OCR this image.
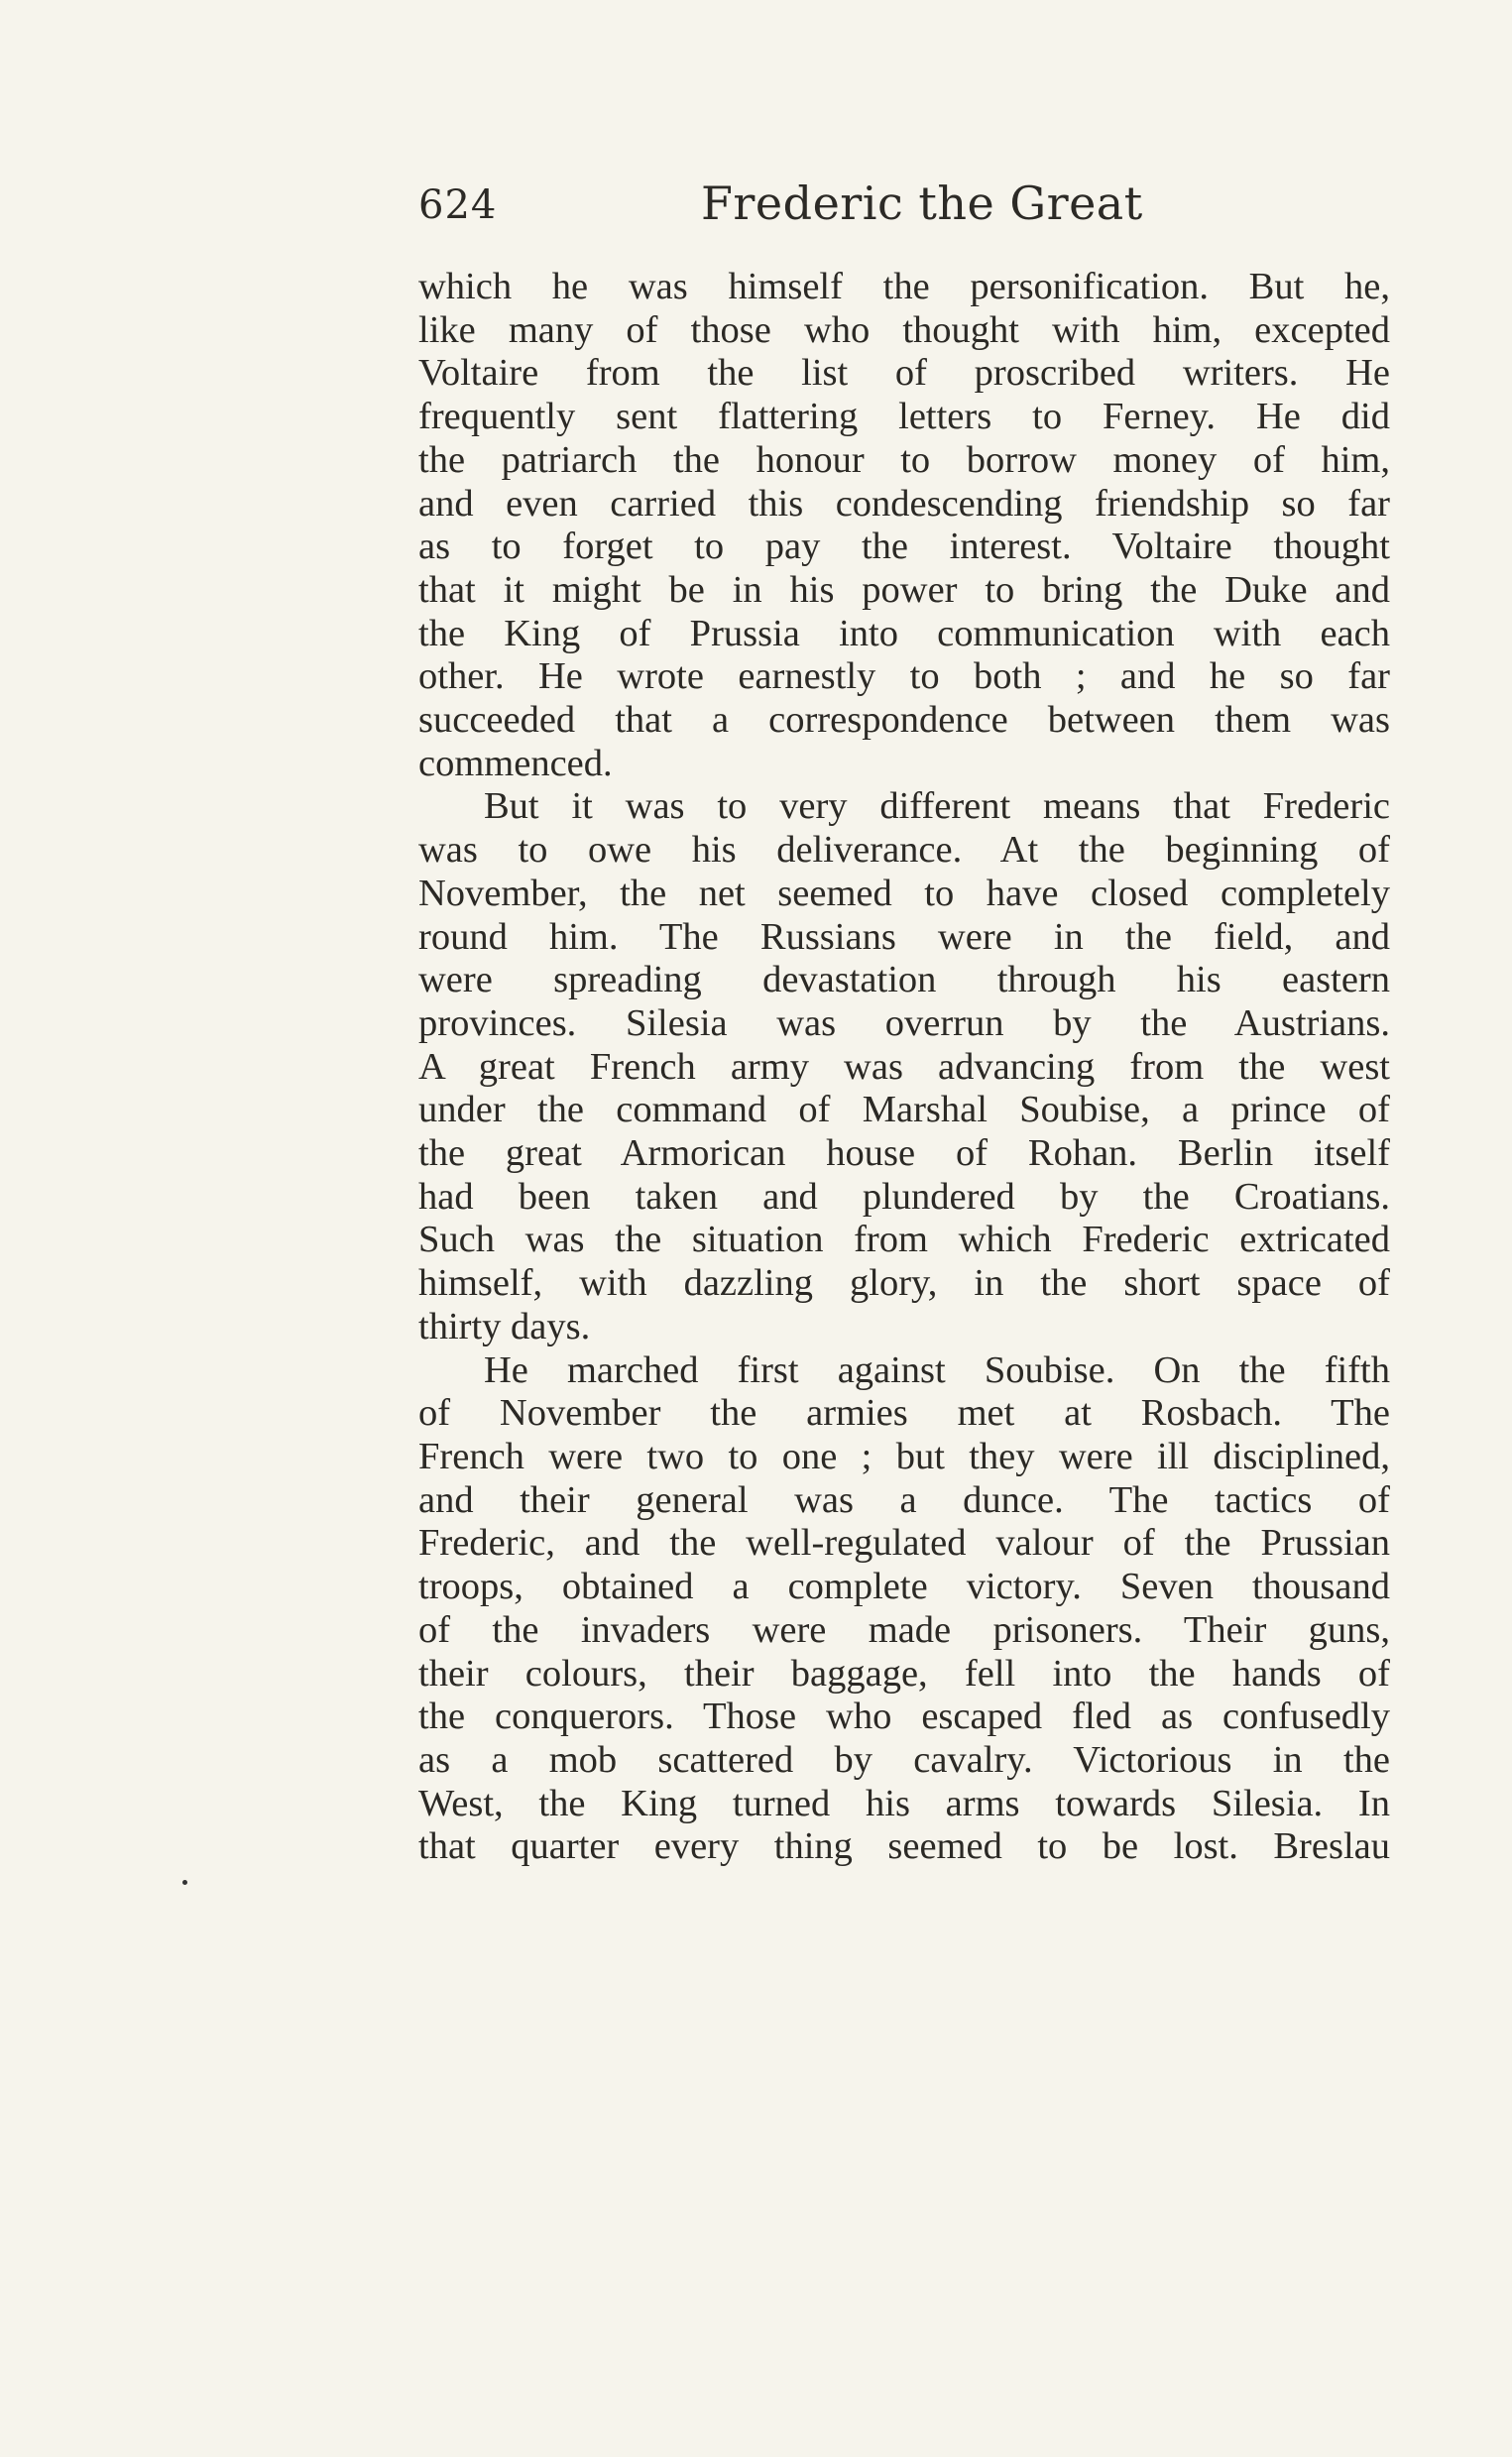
624	Frederic the Great
which he was himself the personification. But he,
like many of those who thought with him, excepted
Voltaire from the list of proscribed writers. He
frequently sent flattering letters to Ferney. He did
the patriarch the honour to borrow money of him,
and even carried this condescending friendship so far
as to forget to pay the interest. Voltaire thought
that it might be in his power to bring the Duke and
the King of Prussia into communication with each
other. He wrote earnestly to both ; and he so far
succeeded that a correspondence between them was
commenced.
But it was to very different means that Frederic
was to owe his deliverance. At the beginning of
November, the net seemed to have closed completely
round him. The Russians were in the field, and
were spreading devastation through his eastern
provinces. Silesia was overrun by the Austrians.
A great French army was advancing from the west
under the command of Marshal Soubise, a prince of
the great Armorican house of Rohan. Berlin itself
had been taken and plundered by the Croatians.
Such was the situation from which Frederic extricated
himself, with dazzling glory, in the short space of
thirty days.
He marched first against Soubise. On the fifth
of November the armies met at Rosbach. The
French were two to one ; but they were ill disciplined,
and their general was a dunce. The tactics of
Frederic, and the well-regulated valour of the Prussian
troops, obtained a complete victory. Seven thousand
of the invaders were made prisoners. Their guns,
their colours, their baggage, fell into the hands of
the conquerors. Those who escaped fled as confusedly
as a mob scattered by cavalry. Victorious in the
West, the King turned his arms towards Silesia. In
that quarter every thing seemed to be lost. Breslau
